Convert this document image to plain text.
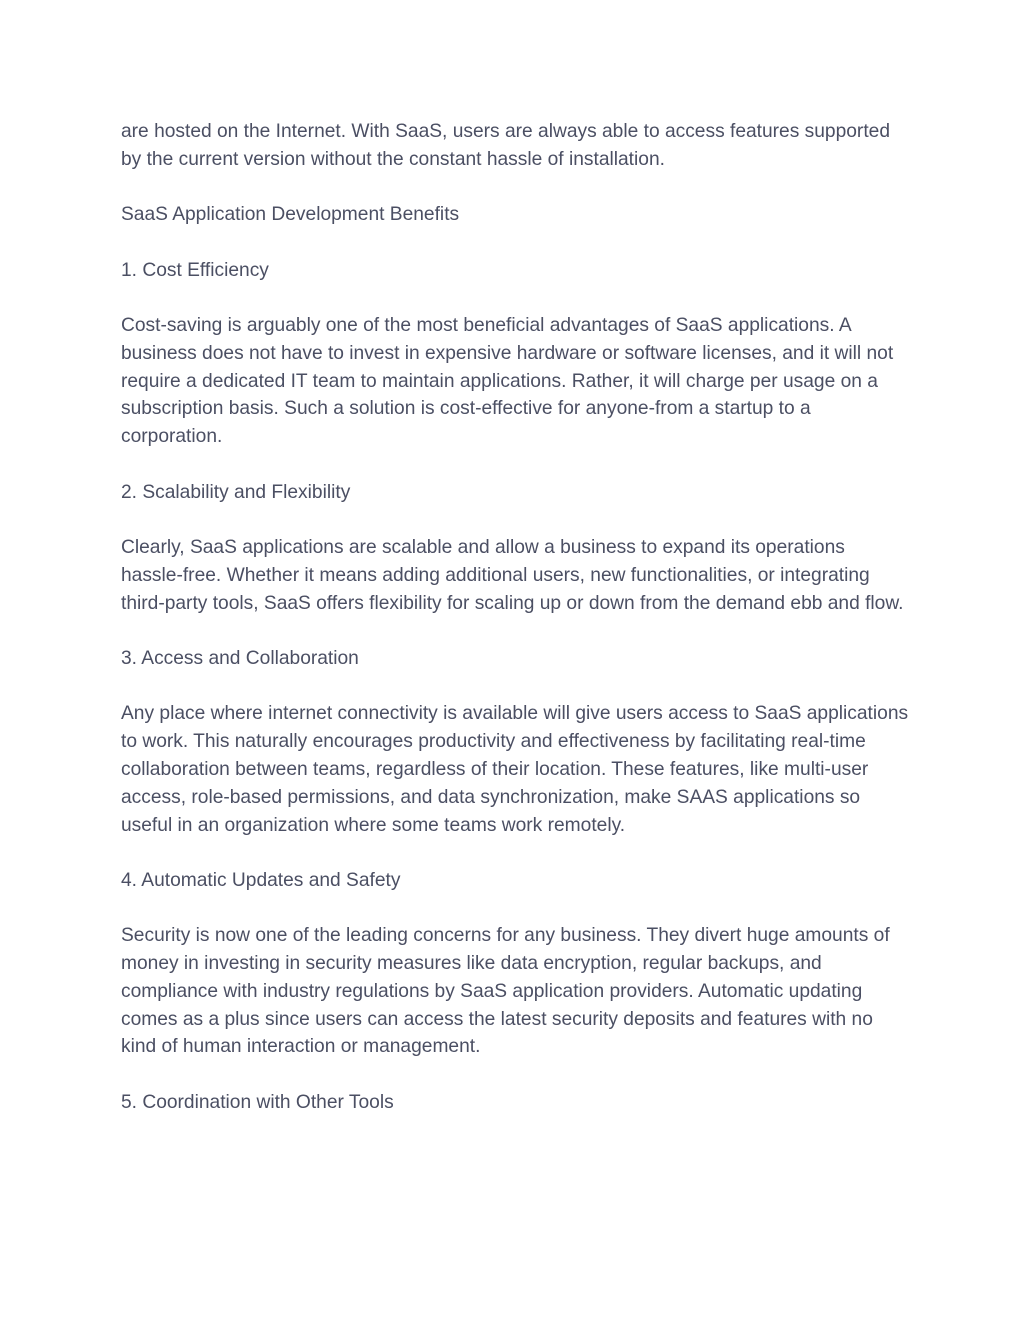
are hosted on the Internet. With SaaS, users are always able to access features supported by the current version without the constant hassle of installation.

SaaS Application Development Benefits

1. Cost Efficiency

Cost-saving is arguably one of the most beneficial advantages of SaaS applications. A business does not have to invest in expensive hardware or software licenses, and it will not require a dedicated IT team to maintain applications. Rather, it will charge per usage on a subscription basis. Such a solution is cost-effective for anyone-from a startup to a corporation.

2. Scalability and Flexibility

Clearly, SaaS applications are scalable and allow a business to expand its operations hassle-free. Whether it means adding additional users, new functionalities, or integrating third-party tools, SaaS offers flexibility for scaling up or down from the demand ebb and flow.

3. Access and Collaboration

Any place where internet connectivity is available will give users access to SaaS applications to work. This naturally encourages productivity and effectiveness by facilitating real-time collaboration between teams, regardless of their location. These features, like multi-user access, role-based permissions, and data synchronization, make SAAS applications so useful in an organization where some teams work remotely.

4. Automatic Updates and Safety

Security is now one of the leading concerns for any business. They divert huge amounts of money in investing in security measures like data encryption, regular backups, and compliance with industry regulations by SaaS application providers. Automatic updating comes as a plus since users can access the latest security deposits and features with no kind of human interaction or management.

5. Coordination with Other Tools
